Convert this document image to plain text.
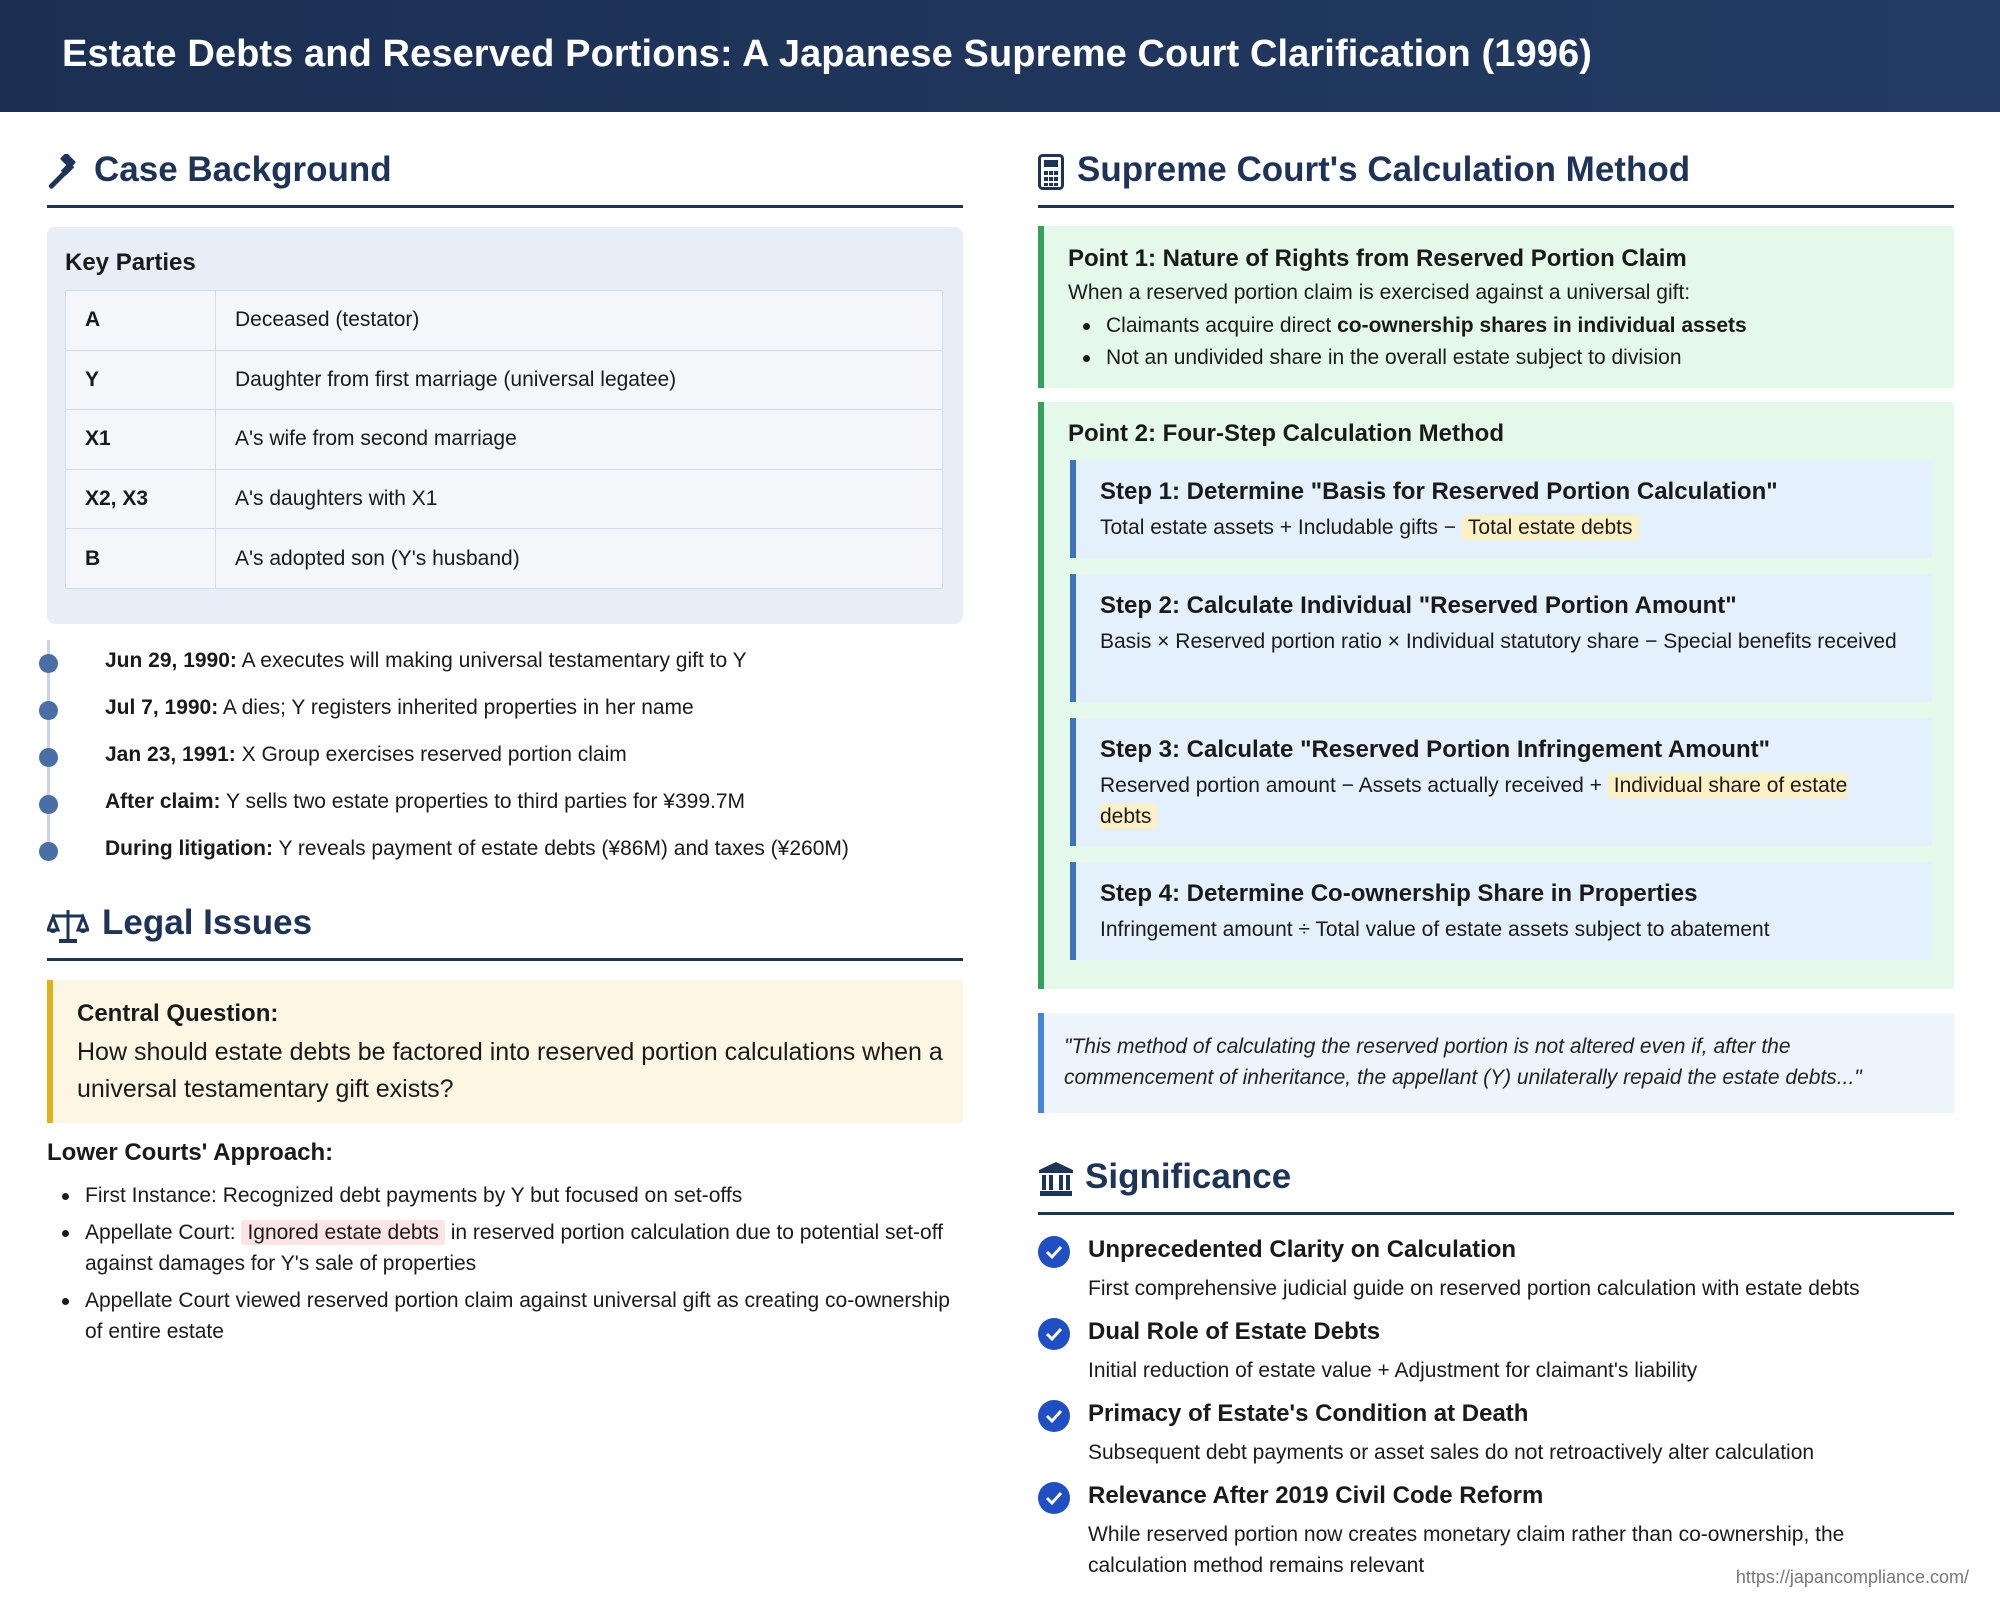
Estate Debts and Reserved Portions: A Japanese Supreme Court Clarification (1996)
Case Background
Key Parties
A	Deceased (testator)
Y	Daughter from first marriage (universal legatee)
X1	A's wife from second marriage
X2, X3	A's daughters with X1
B	A's adopted son (Y's husband)
Jun 29, 1990: A executes will making universal testamentary gift to Y
Jul 7, 1990: A dies; Y registers inherited properties in her name
Jan 23, 1991: X Group exercises reserved portion claim
After claim: Y sells two estate properties to third parties for ¥399.7M
During litigation: Y reveals payment of estate debts (¥86M) and taxes (¥260M)
Legal Issues
Central Question:
How should estate debts be factored into reserved portion calculations when a universal testamentary gift exists?
Lower Courts' Approach:
First Instance: Recognized debt payments by Y but focused on set-offs
Appellate Court: Ignored estate debts in reserved portion calculation due to potential set-off against damages for Y's sale of properties
Appellate Court viewed reserved portion claim against universal gift as creating co-ownership of entire estate
Supreme Court's Calculation Method
Point 1: Nature of Rights from Reserved Portion Claim
When a reserved portion claim is exercised against a universal gift:
Claimants acquire direct co-ownership shares in individual assets
Not an undivided share in the overall estate subject to division
Point 2: Four-Step Calculation Method
Step 1: Determine "Basis for Reserved Portion Calculation"
Total estate assets + Includable gifts − Total estate debts
Step 2: Calculate Individual "Reserved Portion Amount"
Basis × Reserved portion ratio × Individual statutory share − Special benefits received
Step 3: Calculate "Reserved Portion Infringement Amount"
Reserved portion amount − Assets actually received + Individual share of estate debts
Step 4: Determine Co-ownership Share in Properties
Infringement amount ÷ Total value of estate assets subject to abatement
"This method of calculating the reserved portion is not altered even if, after the commencement of inheritance, the appellant (Y) unilaterally repaid the estate debts..."
Significance
Unprecedented Clarity on Calculation
First comprehensive judicial guide on reserved portion calculation with estate debts
Dual Role of Estate Debts
Initial reduction of estate value + Adjustment for claimant's liability
Primacy of Estate's Condition at Death
Subsequent debt payments or asset sales do not retroactively alter calculation
Relevance After 2019 Civil Code Reform
While reserved portion now creates monetary claim rather than co-ownership, the calculation method remains relevant	https://japancompliance.com/
